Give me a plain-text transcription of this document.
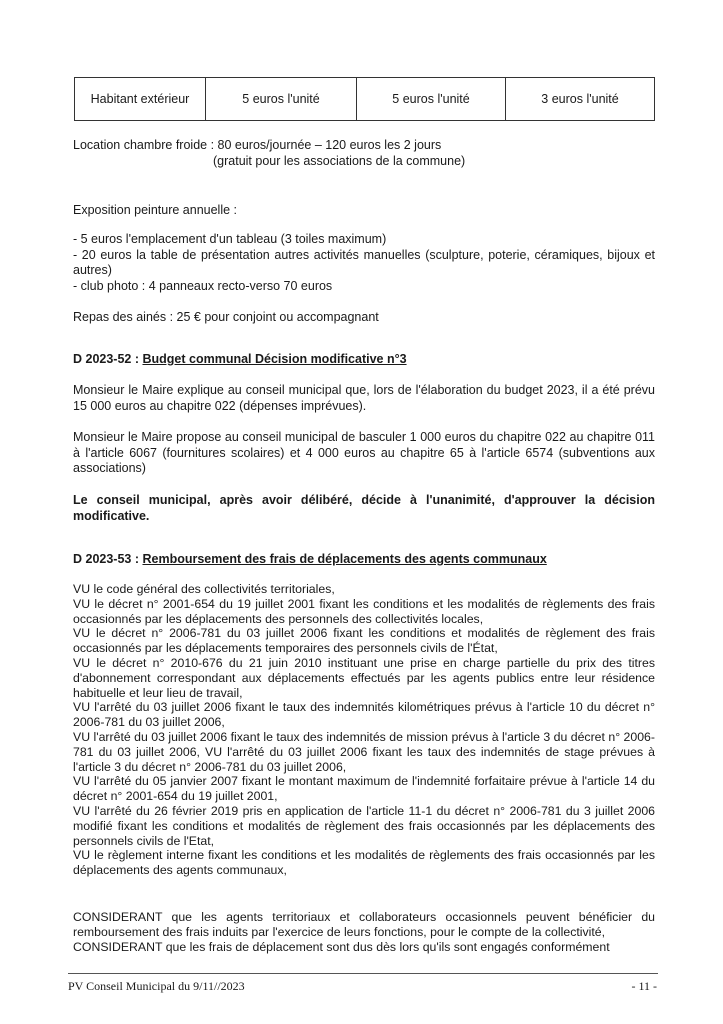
Habitant extérieur	5 euros l'unité	5 euros l'unité	3 euros l'unité

Location chambre froide : 80 euros/journée – 120 euros les 2 jours

(gratuit pour les associations de la commune)

Exposition peinture annuelle :

- 5 euros l'emplacement d'un tableau (3 toiles maximum)
- 20 euros la table de présentation autres activités manuelles (sculpture, poterie, céramiques, bijoux et autres)
- club photo : 4 panneaux recto-verso 70 euros

Repas des ainés : 25 € pour conjoint ou accompagnant

D 2023-52 : Budget communal Décision modificative n°3

Monsieur le Maire explique au conseil municipal que, lors de l'élaboration du budget 2023, il a été prévu 15 000 euros au chapitre 022 (dépenses imprévues).

Monsieur le Maire propose au conseil municipal de basculer 1 000 euros du chapitre 022 au chapitre 011 à l'article 6067 (fournitures scolaires) et 4 000 euros au chapitre 65 à l'article 6574 (subventions aux associations)

Le conseil municipal, après avoir délibéré, décide à l'unanimité, d'approuver la décision modificative.

D 2023-53 : Remboursement des frais de déplacements des agents communaux

VU le code général des collectivités territoriales,

VU le décret n° 2001-654 du 19 juillet 2001 fixant les conditions et les modalités de règlements des frais occasionnés par les déplacements des personnels des collectivités locales,

VU le décret n° 2006-781 du 03 juillet 2006 fixant les conditions et modalités de règlement des frais occasionnés par les déplacements temporaires des personnels civils de l'État,

VU le décret n° 2010-676 du 21 juin 2010 instituant une prise en charge partielle du prix des titres d'abonnement correspondant aux déplacements effectués par les agents publics entre leur résidence habituelle et leur lieu de travail,

VU l'arrêté du 03 juillet 2006 fixant le taux des indemnités kilométriques prévus à l'article 10 du décret n° 2006-781 du 03 juillet 2006,

VU l'arrêté du 03 juillet 2006 fixant le taux des indemnités de mission prévus à l'article 3 du décret n° 2006-781 du 03 juillet 2006, VU l'arrêté du 03 juillet 2006 fixant les taux des indemnités de stage prévues à l'article 3 du décret n° 2006-781 du 03 juillet 2006,

VU l'arrêté du 05 janvier 2007 fixant le montant maximum de l'indemnité forfaitaire prévue à l'article 14 du décret n° 2001-654 du 19 juillet 2001,

VU l'arrêté du 26 février 2019 pris en application de l'article 11-1 du décret n° 2006-781 du 3 juillet 2006 modifié fixant les conditions et modalités de règlement des frais occasionnés par les déplacements des personnels civils de l'Etat,

VU le règlement interne fixant les conditions et les modalités de règlements des frais occasionnés par les déplacements des agents communaux,

CONSIDERANT que les agents territoriaux et collaborateurs occasionnels peuvent bénéficier du remboursement des frais induits par l'exercice de leurs fonctions, pour le compte de la collectivité,

CONSIDERANT que les frais de déplacement sont dus dès lors qu'ils sont engagés conformément

PV Conseil Municipal du 9/11//2023	- 11 -
